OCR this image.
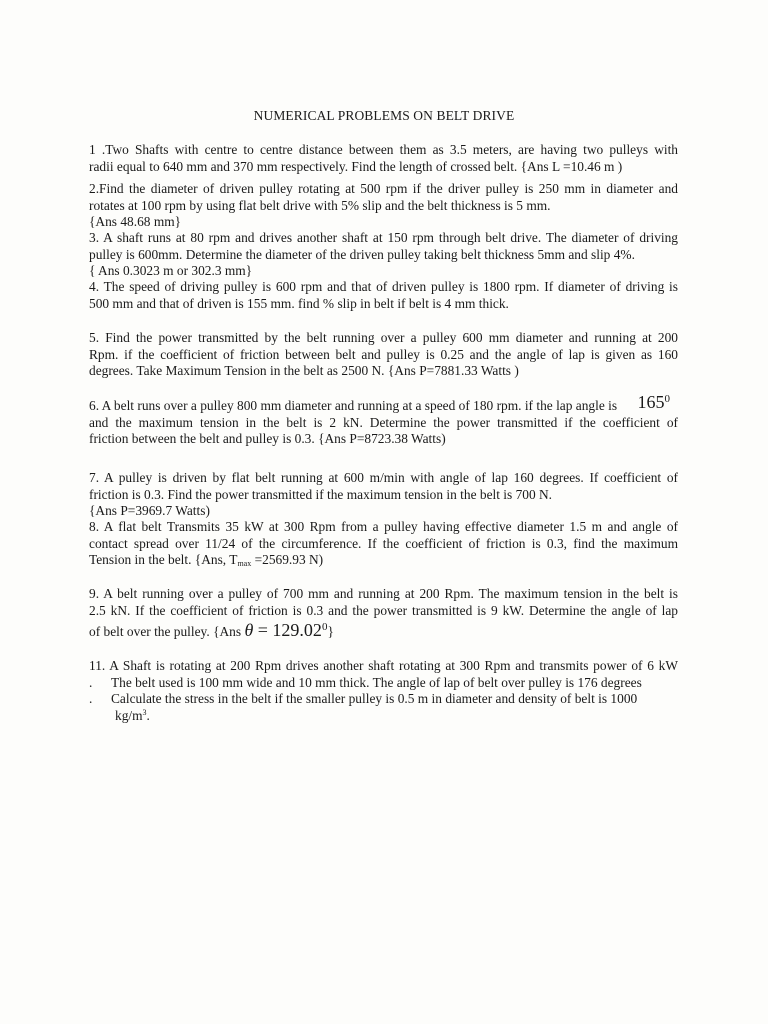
NUMERICAL PROBLEMS ON BELT DRIVE
1 .Two Shafts with centre to centre distance between them as 3.5 meters, are having two pulleys with
radii equal to 640 mm and 370 mm respectively. Find the length of crossed belt. {Ans L =10.46 m )
2.Find the diameter of driven pulley rotating at 500 rpm if the driver pulley is 250 mm in diameter and
rotates at 100 rpm by using flat belt drive with 5% slip and the belt thickness is 5 mm.
{Ans 48.68 mm}
3. A shaft runs at 80 rpm and drives another shaft at 150 rpm through belt drive. The diameter of driving
pulley is 600mm. Determine the diameter of the driven pulley taking belt thickness 5mm and slip 4%.
{ Ans 0.3023 m or 302.3 mm}
4. The speed of driving pulley is 600 rpm and that of driven pulley is 1800 rpm. If diameter of driving is
500 mm and that of driven is 155 mm. find % slip in belt if belt is 4 mm thick.
5. Find the power transmitted by the belt running over a pulley 600 mm diameter and running at 200
Rpm. if the coefficient of friction between belt and pulley is 0.25 and the angle of lap is given as 160
degrees. Take Maximum Tension in the belt as 2500 N. {Ans P=7881.33 Watts )
6. A belt runs over a pulley 800 mm diameter and running at a speed of 180 rpm. if the lap angle is $165^0$
and the maximum tension in the belt is 2 kN. Determine the power transmitted if the coefficient of
friction between the belt and pulley is 0.3. {Ans P=8723.38 Watts)
7. A pulley is driven by flat belt running at 600 m/min with angle of lap 160 degrees. If coefficient of
friction is 0.3. Find the power transmitted if the maximum tension in the belt is 700 N.
{Ans P=3969.7 Watts)
8. A flat belt Transmits 35 kW at 300 Rpm from a pulley having effective diameter 1.5 m and angle of
contact spread over 11/24 of the circumference. If the coefficient of friction is 0.3, find the maximum
Tension in the belt. {Ans, $T_{max} =2569.93$ N)
9. A belt running over a pulley of 700 mm and running at 200 Rpm. The maximum tension in the belt is
2.5 kN. If the coefficient of friction is 0.3 and the power transmitted is 9 kW. Determine the angle of lap
of belt over the pulley. {Ans $\theta = 129.02^0$}
11. A Shaft is rotating at 200 Rpm drives another shaft rotating at 300 Rpm and transmits power of 6 kW
. The belt used is 100 mm wide and 10 mm thick. The angle of lap of belt over pulley is 176 degrees
. Calculate the stress in the belt if the smaller pulley is 0.5 m in diameter and density of belt is 1000
$kg/m^3$.
